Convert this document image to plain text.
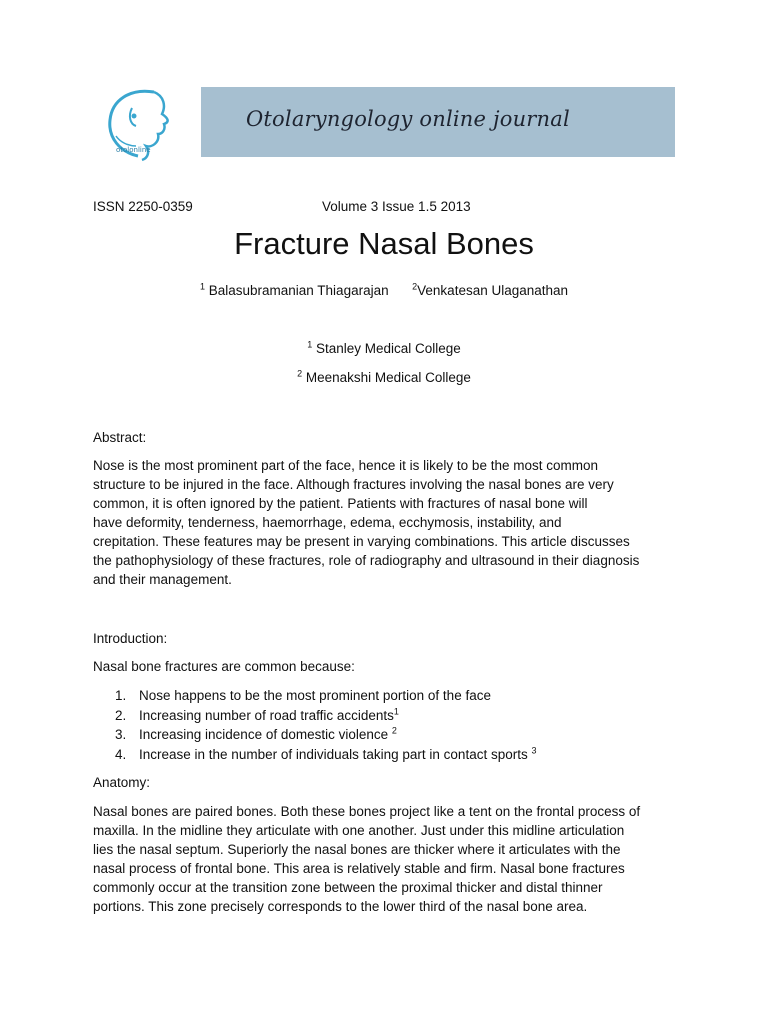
otolonline
Otolaryngology online journal
ISSN 2250-0359	Volume 3 Issue 1.5 2013
Fracture Nasal Bones
$^1$ Balasubramanian Thiagarajan	$^2$Venkatesan Ulaganathan
$^1$ Stanley Medical College
$^2$ Meenakshi Medical College
Abstract:
Nose is the most prominent part of the face, hence it is likely to be the most common
structure to be injured in the face. Although fractures involving the nasal bones are very
common, it is often ignored by the patient. Patients with fractures of nasal bone will
have deformity, tenderness, haemorrhage, edema, ecchymosis, instability, and
crepitation. These features may be present in varying combinations. This article discusses
the pathophysiology of these fractures, role of radiography and ultrasound in their diagnosis
and their management.
Introduction:
Nasal bone fractures are common because:
1. Nose happens to be the most prominent portion of the face
2. Increasing number of road traffic accidents$^1$
3. Increasing incidence of domestic violence $^2$
4. Increase in the number of individuals taking part in contact sports $^3$
Anatomy:
Nasal bones are paired bones. Both these bones project like a tent on the frontal process of
maxilla. In the midline they articulate with one another. Just under this midline articulation
lies the nasal septum. Superiorly the nasal bones are thicker where it articulates with the
nasal process of frontal bone. This area is relatively stable and firm. Nasal bone fractures
commonly occur at the transition zone between the proximal thicker and distal thinner
portions. This zone precisely corresponds to the lower third of the nasal bone area.
